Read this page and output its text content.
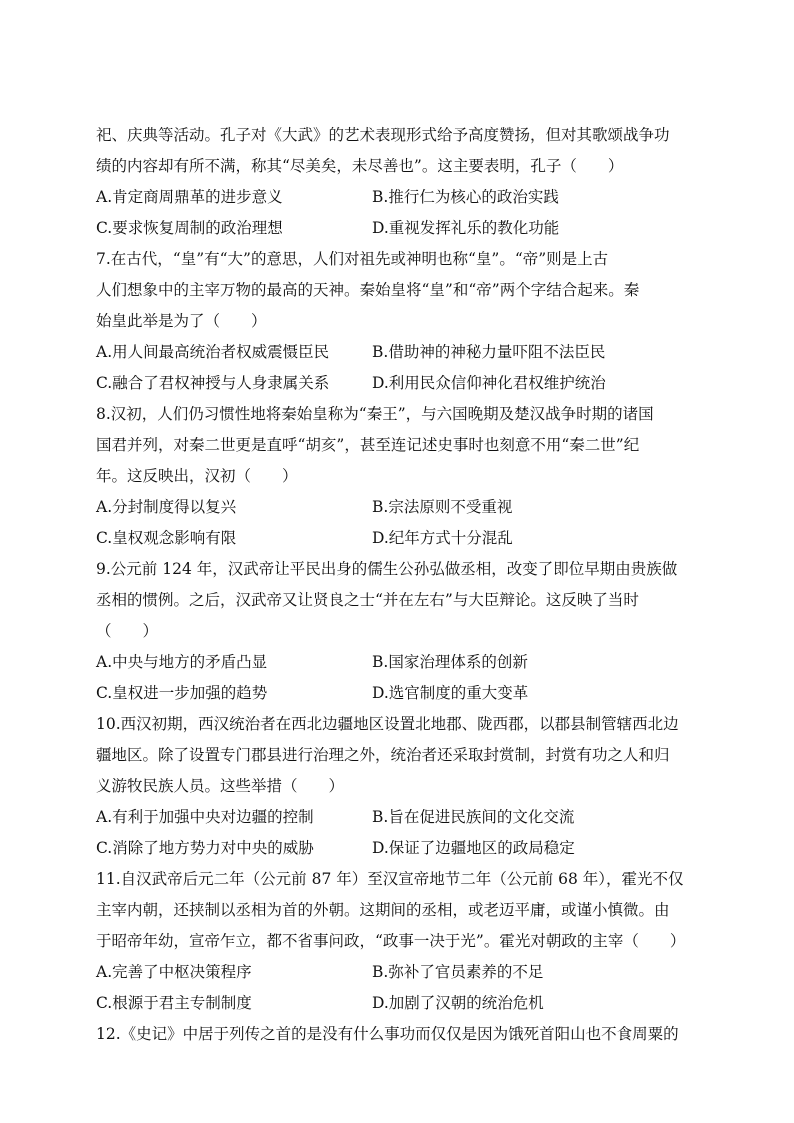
祀、庆典等活动。孔子对《大武》的艺术表现形式给予高度赞扬，但对其歌颂战争功
绩的内容却有所不满，称其“尽美矣，未尽善也”。这主要表明，孔子（　　）
A.肯定商周鼎革的进步意义	B.推行仁为核心的政治实践
C.要求恢复周制的政治理想	D.重视发挥礼乐的教化功能
7.在古代，“皇”有“大”的意思，人们对祖先或神明也称“皇”。“帝”则是上古
人们想象中的主宰万物的最高的天神。秦始皇将“皇”和“帝”两个字结合起来。秦
始皇此举是为了（　　）
A.用人间最高统治者权威震慑臣民	B.借助神的神秘力量吓阻不法臣民
C.融合了君权神授与人身隶属关系	D.利用民众信仰神化君权维护统治
8.汉初，人们仍习惯性地将秦始皇称为“秦王”，与六国晚期及楚汉战争时期的诸国
国君并列，对秦二世更是直呼“胡亥”，甚至连记述史事时也刻意不用“秦二世”纪
年。这反映出，汉初（　　）
A.分封制度得以复兴	B.宗法原则不受重视
C.皇权观念影响有限	D.纪年方式十分混乱
9.公元前 124 年，汉武帝让平民出身的儒生公孙弘做丞相，改变了即位早期由贵族做
丞相的惯例。之后，汉武帝又让贤良之士“并在左右”与大臣辩论。这反映了当时
（　　）
A.中央与地方的矛盾凸显	B.国家治理体系的创新
C.皇权进一步加强的趋势	D.选官制度的重大变革
10.西汉初期，西汉统治者在西北边疆地区设置北地郡、陇西郡，以郡县制管辖西北边
疆地区。除了设置专门郡县进行治理之外，统治者还采取封赏制，封赏有功之人和归
义游牧民族人员。这些举措（　　）
A.有利于加强中央对边疆的控制	B.旨在促进民族间的文化交流
C.消除了地方势力对中央的威胁	D.保证了边疆地区的政局稳定
11.自汉武帝后元二年（公元前 87 年）至汉宣帝地节二年（公元前 68 年），霍光不仅
主宰内朝，还挟制以丞相为首的外朝。这期间的丞相，或老迈平庸，或谨小慎微。由
于昭帝年幼，宣帝乍立，都不省事问政，“政事一决于光”。霍光对朝政的主宰（　　）
A.完善了中枢决策程序	B.弥补了官员素养的不足
C.根源于君主专制制度	D.加剧了汉朝的统治危机
12.《史记》中居于列传之首的是没有什么事功而仅仅是因为饿死首阳山也不食周粟的
